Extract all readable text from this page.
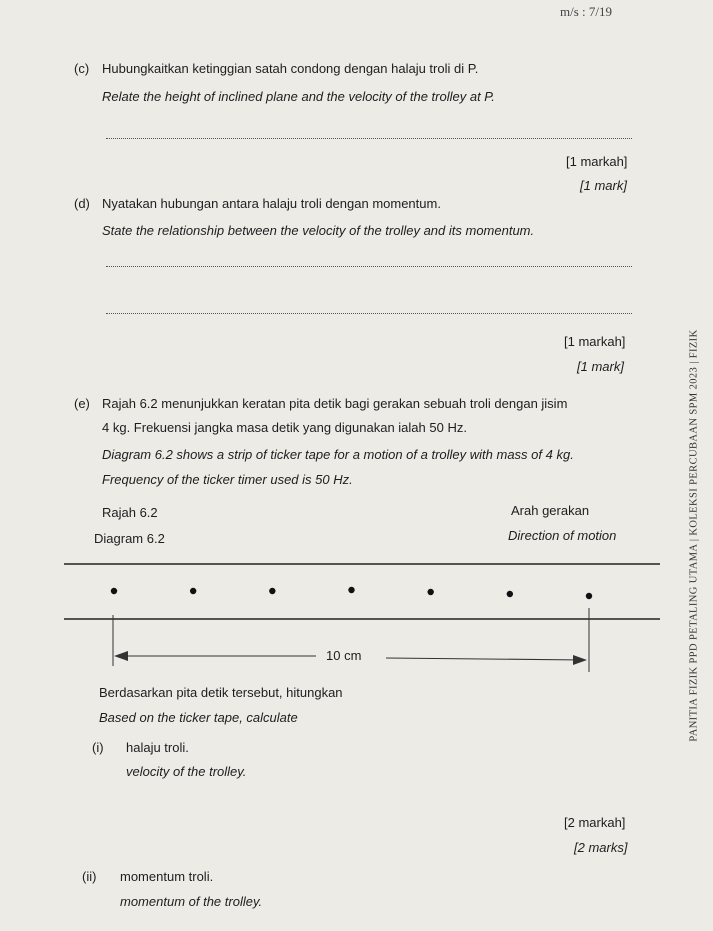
m/s : 7/19
(c) Hubungkaitkan ketinggian satah condong dengan halaju troli di P.
Relate the height of inclined plane and the velocity of the trolley at P.
[1 markah]
[1 mark]
(d) Nyatakan hubungan antara halaju troli dengan momentum.
State the relationship between the velocity of the trolley and its momentum.
[1 markah]
[1 mark]
(e) Rajah 6.2 menunjukkan keratan pita detik bagi gerakan sebuah troli dengan jisim
4 kg. Frekuensi jangka masa detik yang digunakan ialah 50 Hz.
Diagram 6.2 shows a strip of ticker tape for a motion of a trolley with mass of 4 kg.
Frequency of the ticker timer used is 50 Hz.
Rajah 6.2
Diagram 6.2
Arah gerakan
Direction of motion
10 cm
Berdasarkan pita detik tersebut, hitungkan
Based on the ticker tape, calculate
(i) halaju troli.
velocity of the trolley.
[2 markah]
[2 marks]
(ii) momentum troli.
momentum of the trolley.
PANITIA FIZIK PPD PETALING UTAMA | KOLEKSI PERCUBAAN SPM 2023 | FIZIK
